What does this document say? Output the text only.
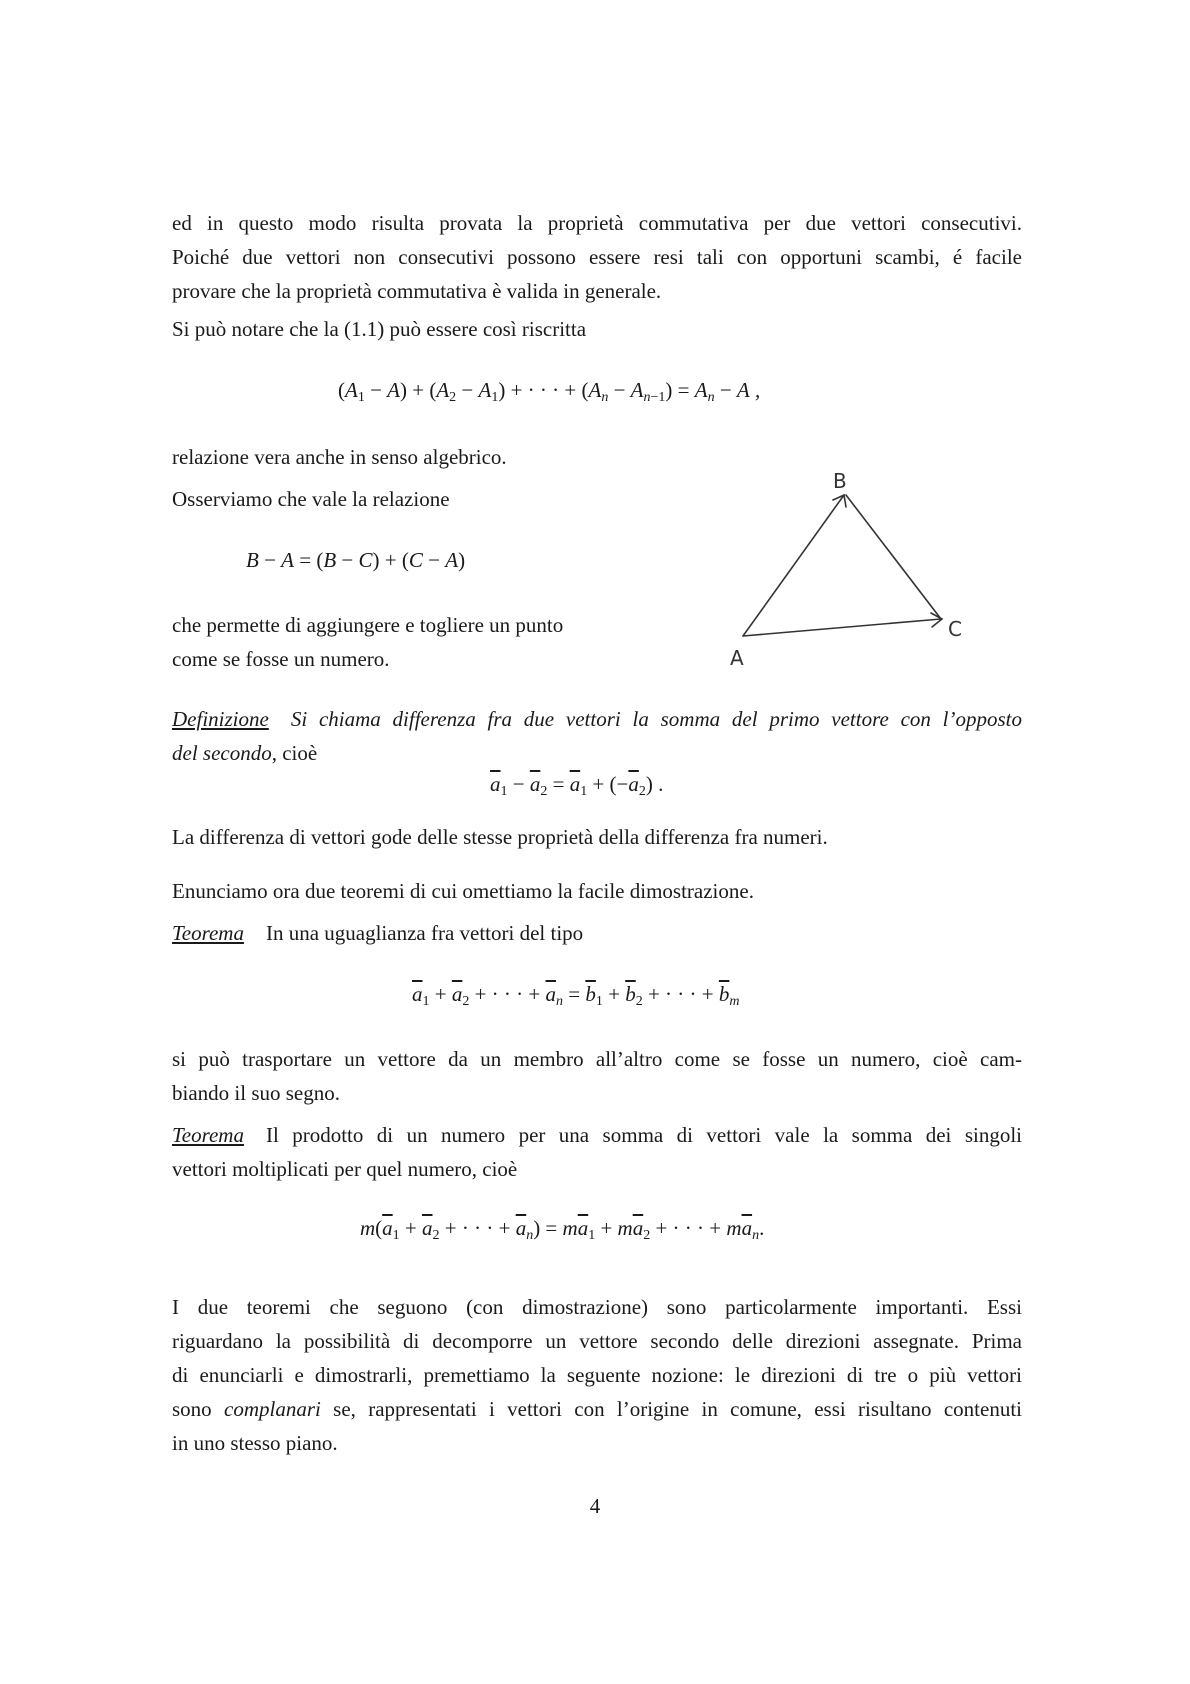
ed in questo modo risulta provata la proprietà commutativa per due vettori consecutivi.
Poiché due vettori non consecutivi possono essere resi tali con opportuni scambi, é facile
provare che la proprietà commutativa è valida in generale.
Si può notare che la (1.1) può essere così riscritta
$(A_1 - A) + (A_2 - A_1)$ + · · · + $(A_n - A_{n-1}) = A_n - A$ ,
relazione vera anche in senso algebrico.
Osserviamo che vale la relazione
B − A = (B − C) + (C − A)
che permette di aggiungere e togliere un punto
come se fosse un numero.
B
A
C
Definizione Si chiama differenza fra due vettori la somma del primo vettore con l’opposto
del secondo, cioè
$\overline{a}_1 - \overline{a}_2 = \overline{a}_1 + (-\overline{a}_2)$ .
La differenza di vettori gode delle stesse proprietà della differenza fra numeri.
Enunciamo ora due teoremi di cui omettiamo la facile dimostrazione.
Teorema In una uguaglianza fra vettori del tipo
$\overline{a}_1 + \overline{a}_2$ + · · · + $\overline{a}_n = \overline{b}_1 + \overline{b}_2$ + · · · + $\overline{b}_m$
si può trasportare un vettore da un membro all’altro come se fosse un numero, cioè cam-
biando il suo segno.
Teorema Il prodotto di un numero per una somma di vettori vale la somma dei singoli
vettori moltiplicati per quel numero, cioè
$m(\overline{a}_1 + \overline{a}_2$ + · · · + $\overline{a}_n) = m\overline{a}_1 + m\overline{a}_2$ + · · · + $m\overline{a}_n$.
I due teoremi che seguono (con dimostrazione) sono particolarmente importanti. Essi
riguardano la possibilità di decomporre un vettore secondo delle direzioni assegnate. Prima
di enunciarli e dimostrarli, premettiamo la seguente nozione: le direzioni di tre o più vettori
sono complanari se, rappresentati i vettori con l’origine in comune, essi risultano contenuti
in uno stesso piano.
4
